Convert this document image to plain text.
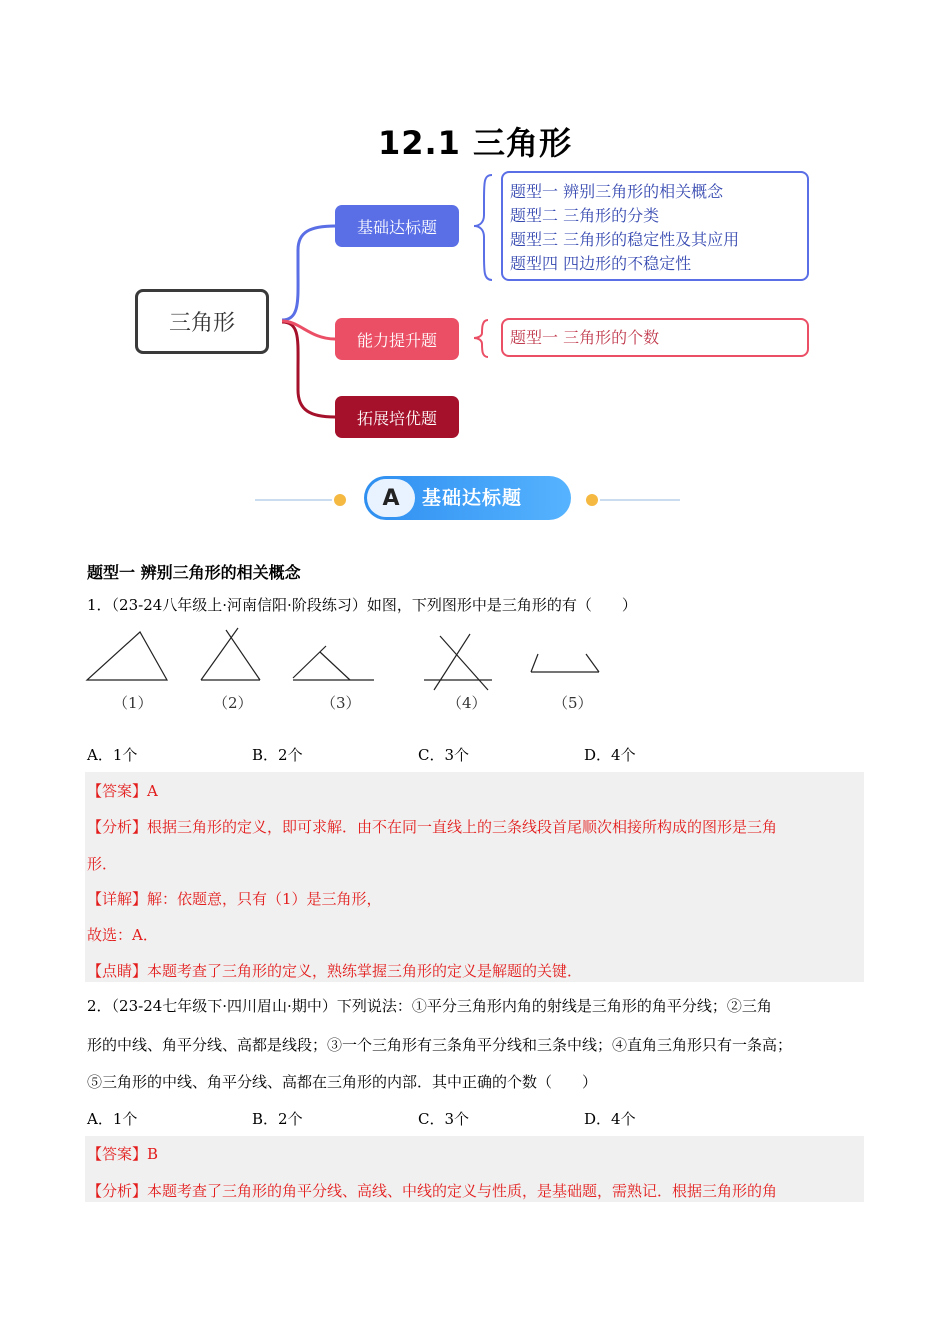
12.1 三角形
三角形
基础达标题
能力提升题
拓展培优题
题型一 辨别三角形的相关概念
题型二 三角形的分类
题型三 三角形的稳定性及其应用
题型四 四边形的不稳定性
题型一 三角形的个数
A	基础达标题
题型一 辨别三角形的相关概念
1．（23-24八年级上·河南信阳·阶段练习）如图，下列图形中是三角形的有（　　）
（1）	（2）	（3）	（4）	（5）
A．1个	B．2个	C．3个	D．4个
【答案】A
【分析】根据三角形的定义，即可求解．由不在同一直线上的三条线段首尾顺次相接所构成的图形是三角
形．
【详解】解：依题意，只有（1）是三角形，
故选：A．
【点睛】本题考查了三角形的定义，熟练掌握三角形的定义是解题的关键．
2．（23-24七年级下·四川眉山·期中）下列说法：①平分三角形内角的射线是三角形的角平分线；②三角
形的中线、角平分线、高都是线段；③一个三角形有三条角平分线和三条中线；④直角三角形只有一条高；
⑤三角形的中线、角平分线、高都在三角形的内部．其中正确的个数（　　）
A．1个	B．2个	C．3个	D．4个
【答案】B
【分析】本题考查了三角形的角平分线、高线、中线的定义与性质，是基础题，需熟记．根据三角形的角
